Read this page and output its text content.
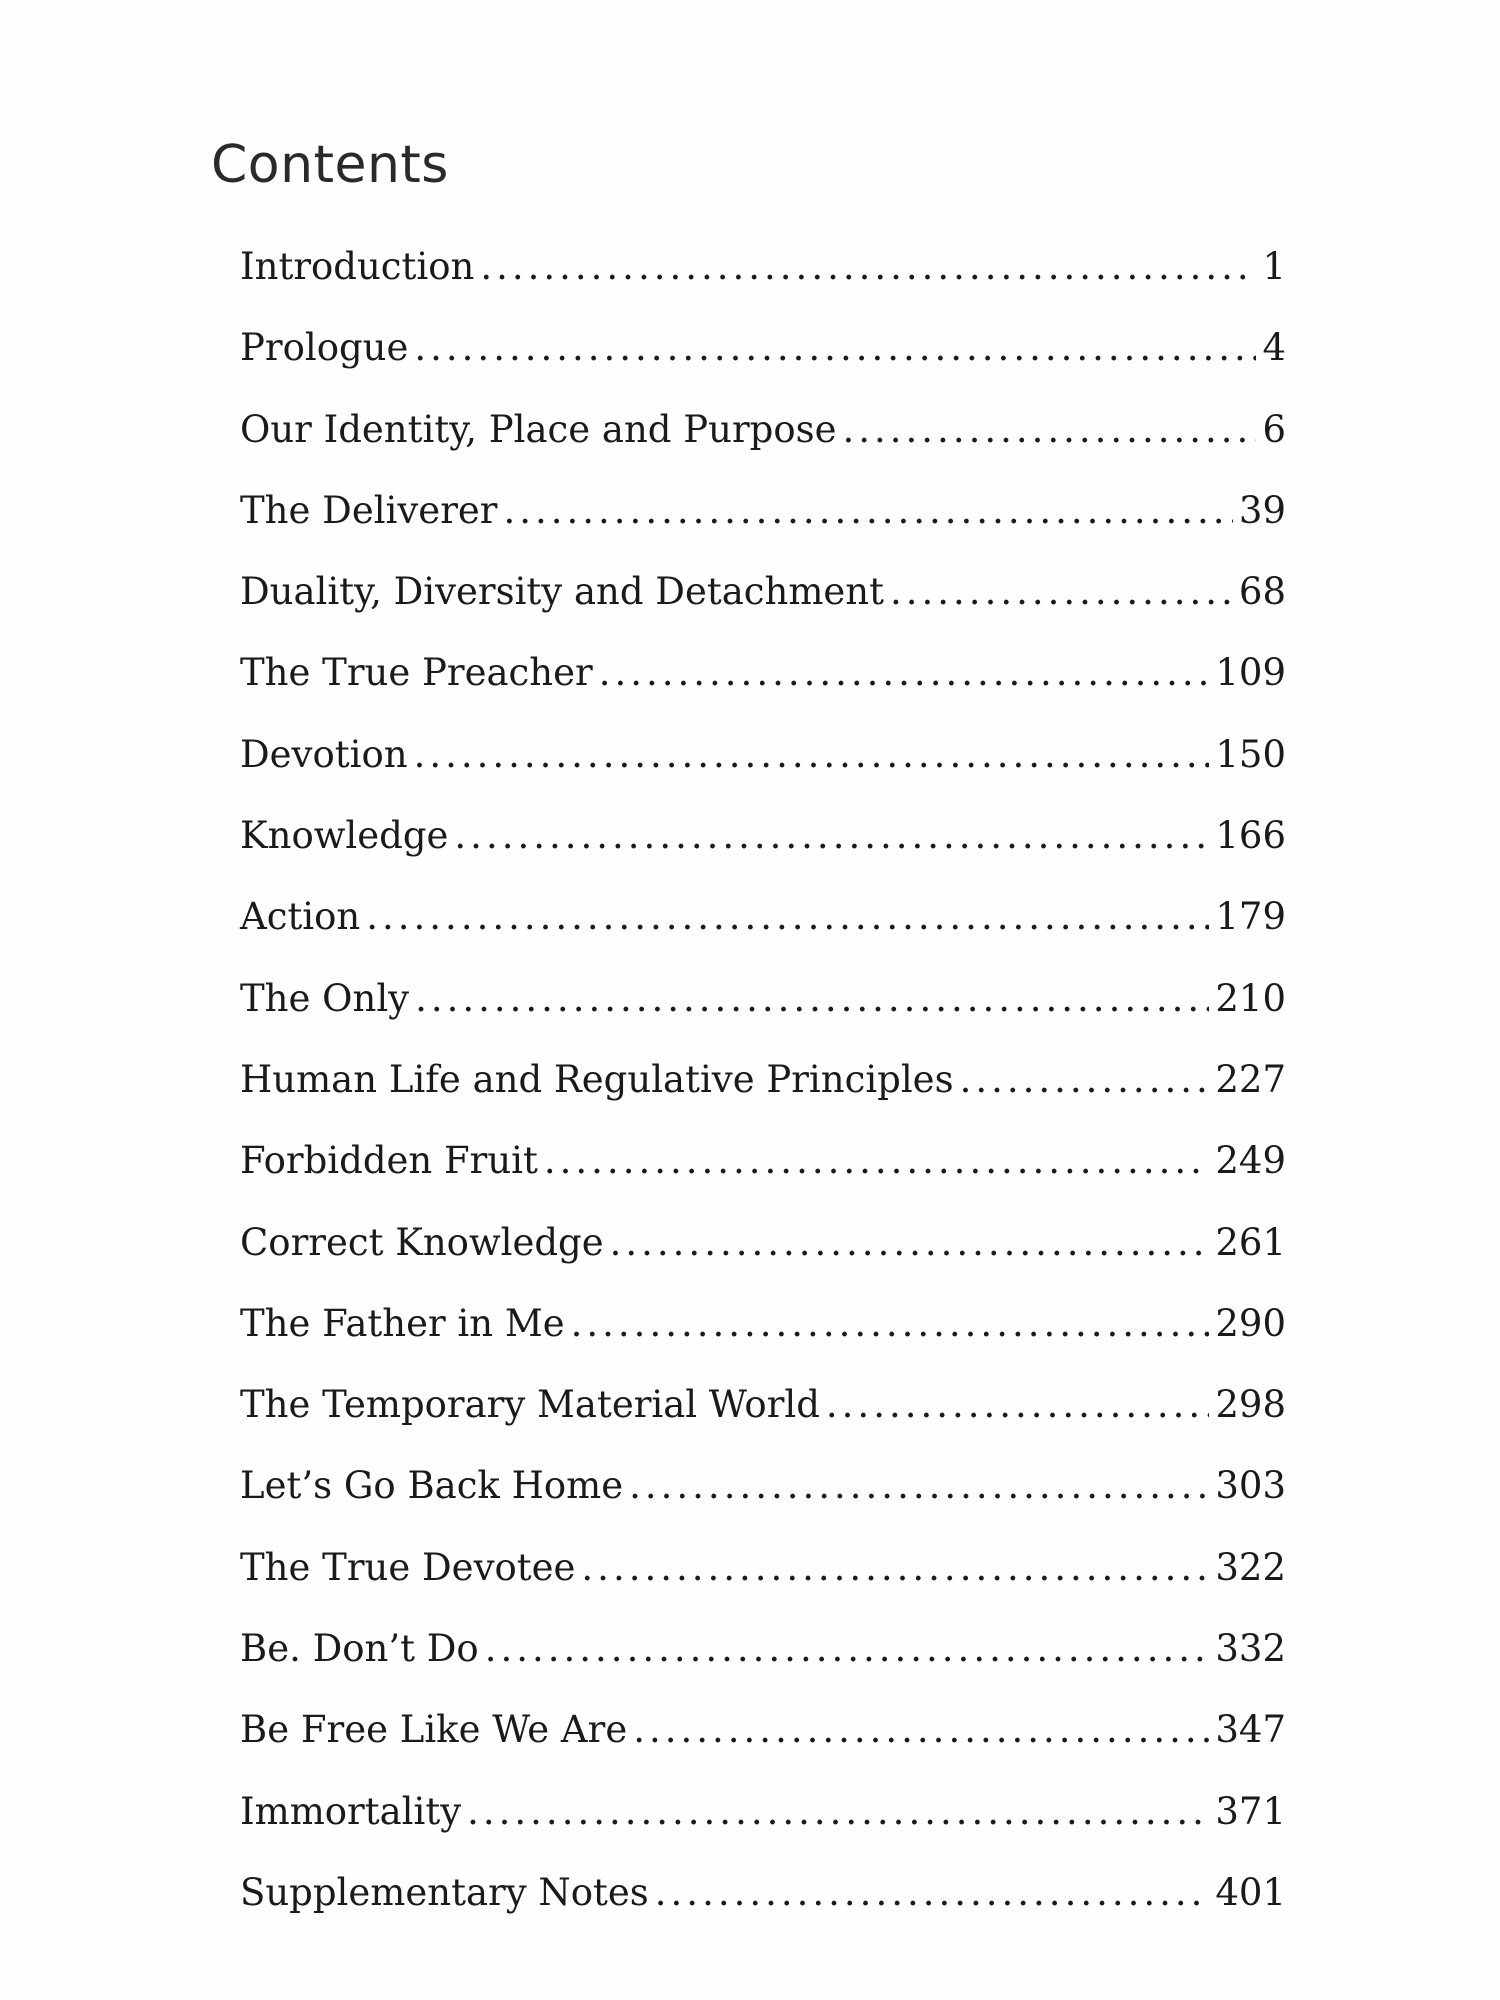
Contents
Introduction .....	1
Prologue .....	4
Our Identity, Place and Purpose .....	6
The Deliverer .....	39
Duality, Diversity and Detachment .....	68
The True Preacher .....	109
Devotion .....	150
Knowledge .....	166
Action .....	179
The Only .....	210
Human Life and Regulative Principles .....	227
Forbidden Fruit .....	249
Correct Knowledge .....	261
The Father in Me .....	290
The Temporary Material World .....	298
Let’s Go Back Home .....	303
The True Devotee .....	322
Be. Don’t Do .....	332
Be Free Like We Are .....	347
Immortality .....	371
Supplementary Notes .....	401
